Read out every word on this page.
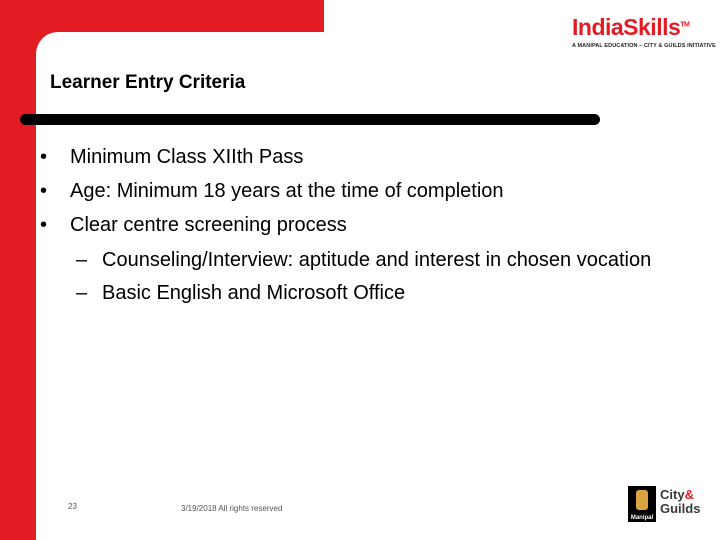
IndiaSkills™
A MANIPAL EDUCATION – CITY & GUILDS INITIATIVE
Learner Entry Criteria
•	Minimum Class XIIth Pass
•	Age: Minimum 18 years at the time of completion
•	Clear centre screening process
– Counseling/Interview: aptitude and interest in chosen vocation
– Basic English and Microsoft Office
23	3/19/2018 All rights reserved
Manipal
City&
Guilds
